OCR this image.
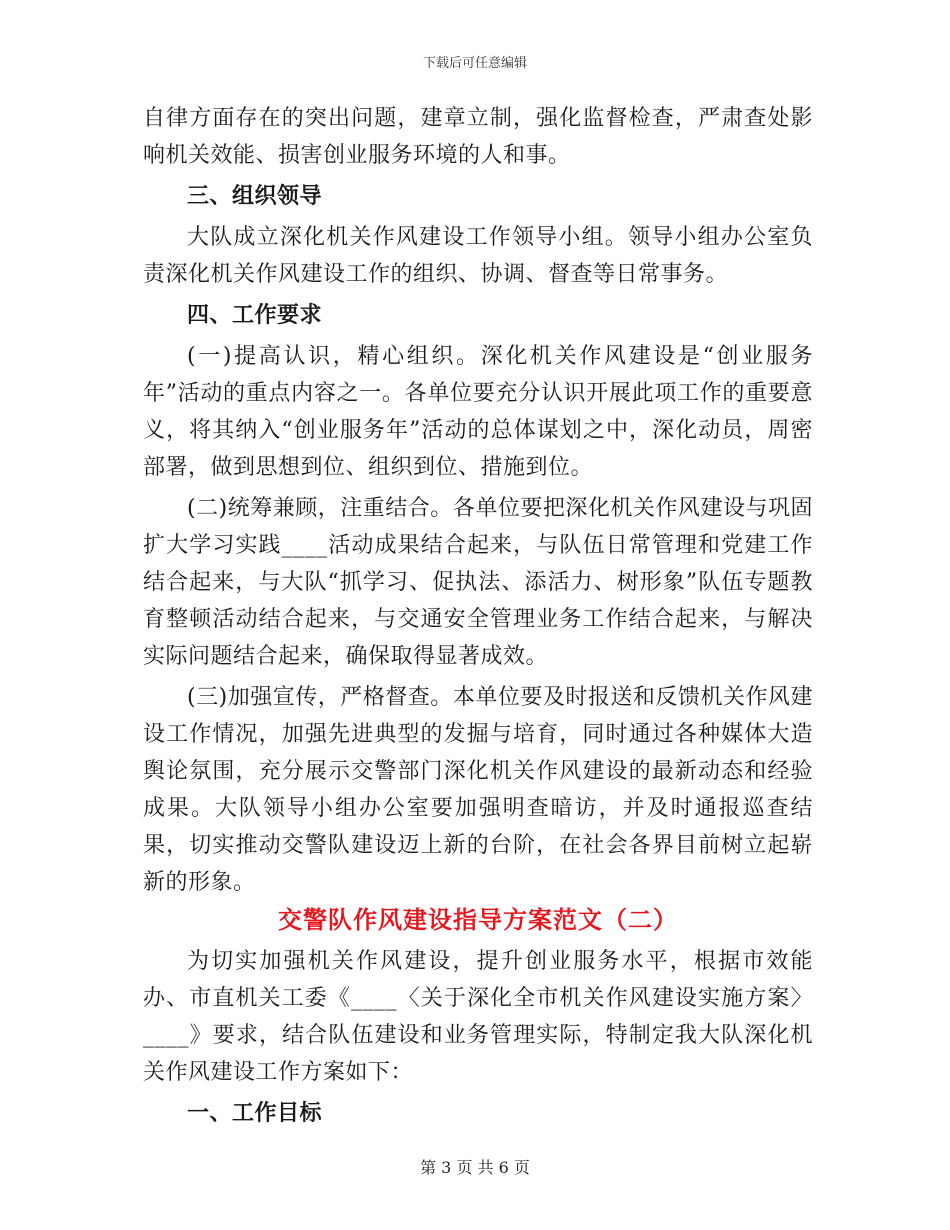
下载后可任意编辑

自律方面存在的突出问题，建章立制，强化监督检查，严肃查处影响机关效能、损害创业服务环境的人和事。

三、组织领导

大队成立深化机关作风建设工作领导小组。领导小组办公室负责深化机关作风建设工作的组织、协调、督查等日常事务。

四、工作要求

(一)提高认识，精心组织。深化机关作风建设是“创业服务年”活动的重点内容之一。各单位要充分认识开展此项工作的重要意义，将其纳入“创业服务年”活动的总体谋划之中，深化动员，周密部署，做到思想到位、组织到位、措施到位。

(二)统筹兼顾，注重结合。各单位要把深化机关作风建设与巩固扩大学习实践____活动成果结合起来，与队伍日常管理和党建工作结合起来，与大队“抓学习、促执法、添活力、树形象”队伍专题教育整顿活动结合起来，与交通安全管理业务工作结合起来，与解决实际问题结合起来，确保取得显著成效。

(三)加强宣传，严格督查。本单位要及时报送和反馈机关作风建设工作情况，加强先进典型的发掘与培育，同时通过各种媒体大造舆论氛围，充分展示交警部门深化机关作风建设的最新动态和经验成果。大队领导小组办公室要加强明查暗访，并及时通报巡查结果，切实推动交警队建设迈上新的台阶，在社会各界目前树立起崭新的形象。

交警队作风建设指导方案范文（二）

为切实加强机关作风建设，提升创业服务水平，根据市效能办、市直机关工委《____〈关于深化全市机关作风建设实施方案〉____》要求，结合队伍建设和业务管理实际，特制定我大队深化机关作风建设工作方案如下：

一、工作目标

第 3 页 共 6 页
